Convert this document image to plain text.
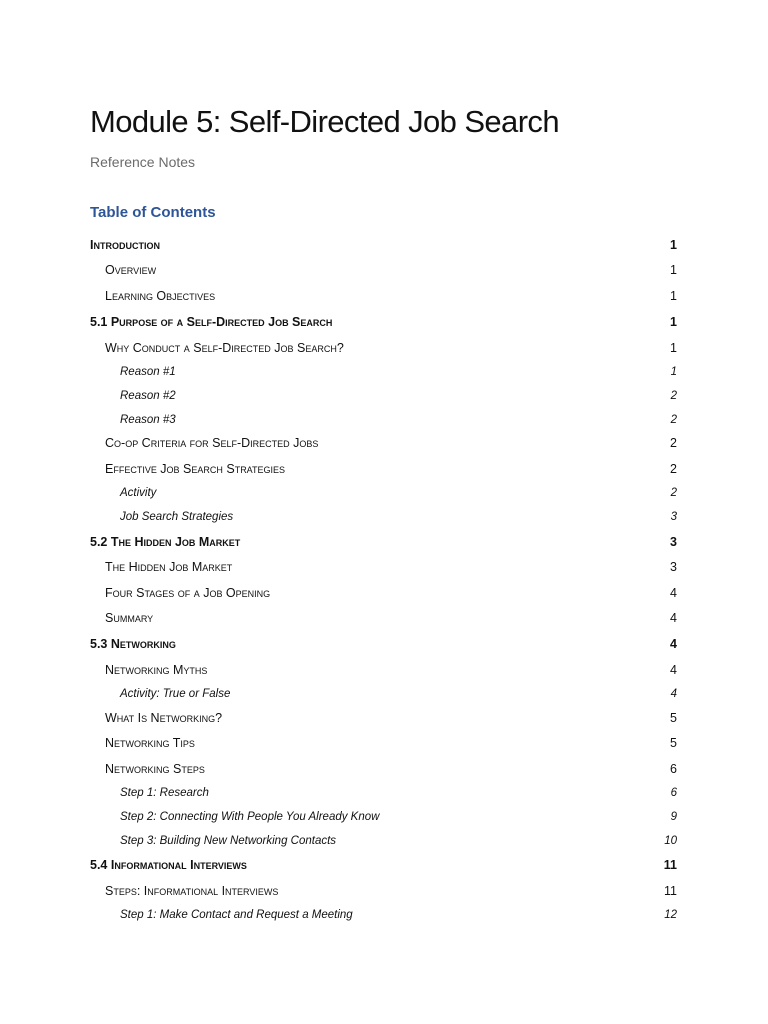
Module 5: Self-Directed Job Search
Reference Notes
Table of Contents
Introduction	1
Overview	1
Learning Objectives	1
5.1 Purpose of a Self-Directed Job Search	1
Why Conduct a Self-Directed Job Search?	1
Reason #1	1
Reason #2	2
Reason #3	2
Co-op Criteria for Self-Directed Jobs	2
Effective Job Search Strategies	2
Activity	2
Job Search Strategies	3
5.2 The Hidden Job Market	3
The Hidden Job Market	3
Four Stages of a Job Opening	4
Summary	4
5.3 Networking	4
Networking Myths	4
Activity: True or False	4
What Is Networking?	5
Networking Tips	5
Networking Steps	6
Step 1: Research	6
Step 2: Connecting With People You Already Know	9
Step 3: Building New Networking Contacts	10
5.4 Informational Interviews	11
Steps: Informational Interviews	11
Step 1: Make Contact and Request a Meeting	12
